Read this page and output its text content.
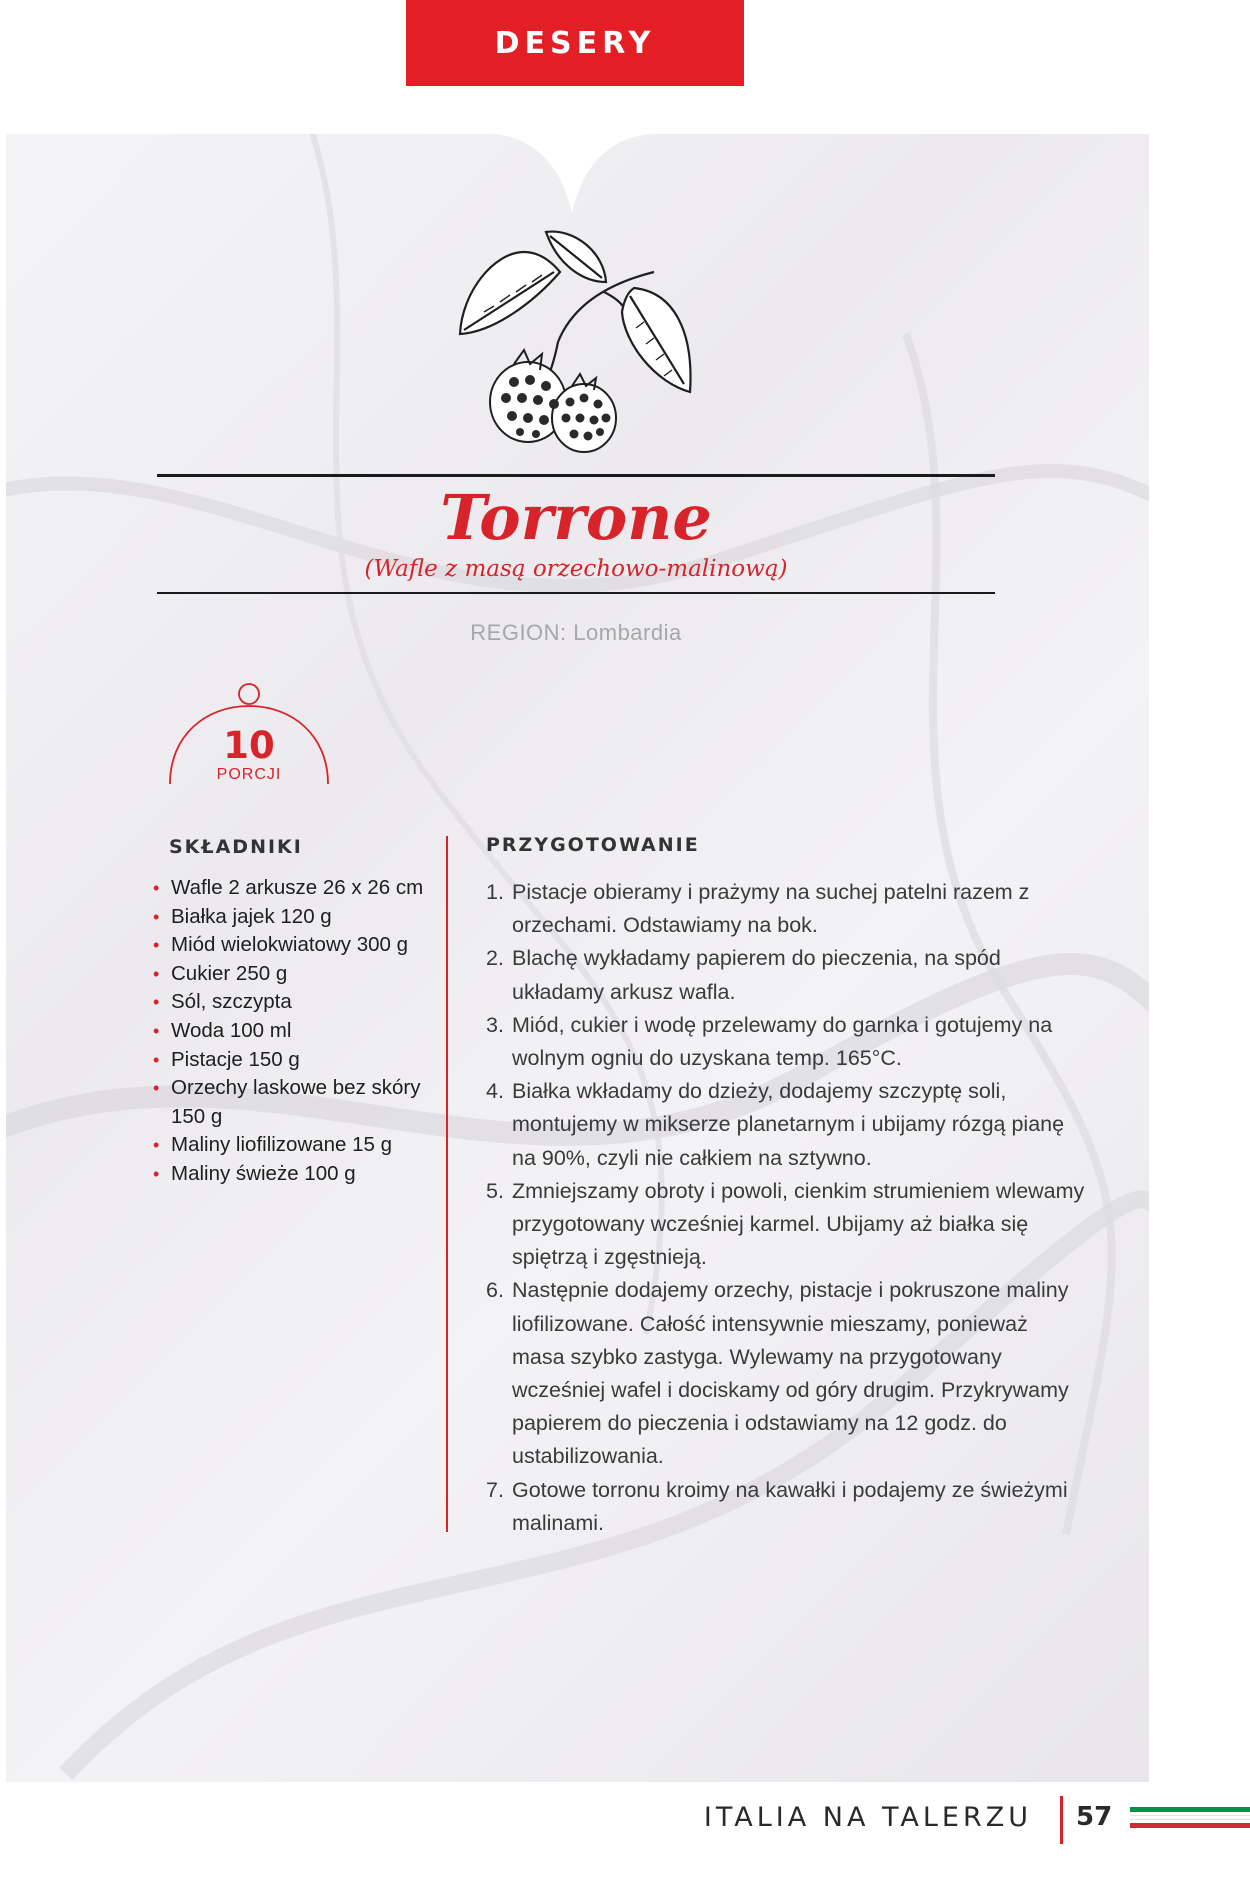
DESERY
Torrone
(Wafle z masą orzechowo-malinową)
REGION: Lombardia
10
PORCJI
SKŁADNIKI
• Wafle 2 arkusze 26 x 26 cm
• Białka jajek 120 g
• Miód wielokwiatowy 300 g
• Cukier 250 g
• Sól, szczypta
• Woda 100 ml
• Pistacje 150 g
• Orzechy laskowe bez skóry 150 g
• Maliny liofilizowane 15 g
• Maliny świeże 100 g
PRZYGOTOWANIE
1. Pistacje obieramy i prażymy na suchej patelni razem z orzechami. Odstawiamy na bok.
2. Blachę wykładamy papierem do pieczenia, na spód układamy arkusz wafla.
3. Miód, cukier i wodę przelewamy do garnka i gotujemy na wolnym ogniu do uzyskana temp. 165°C.
4. Białka wkładamy do dzieży, dodajemy szczyptę soli, montujemy w mikserze planetarnym i ubijamy rózgą pianę na 90%, czyli nie całkiem na sztywno.
5. Zmniejszamy obroty i powoli, cienkim strumieniem wlewamy przygotowany wcześniej karmel. Ubijamy aż białka się spiętrzą i zgęstnieją.
6. Następnie dodajemy orzechy, pistacje i pokruszone maliny liofilizowane. Całość intensywnie mieszamy, ponieważ masa szybko zastyga. Wylewamy na przygotowany wcześniej wafel i dociskamy od góry drugim. Przykrywamy papierem do pieczenia i odstawiamy na 12 godz. do ustabilizowania.
7. Gotowe torronu kroimy na kawałki i podajemy ze świeżymi malinami.
ITALIA NA TALERZU 57
